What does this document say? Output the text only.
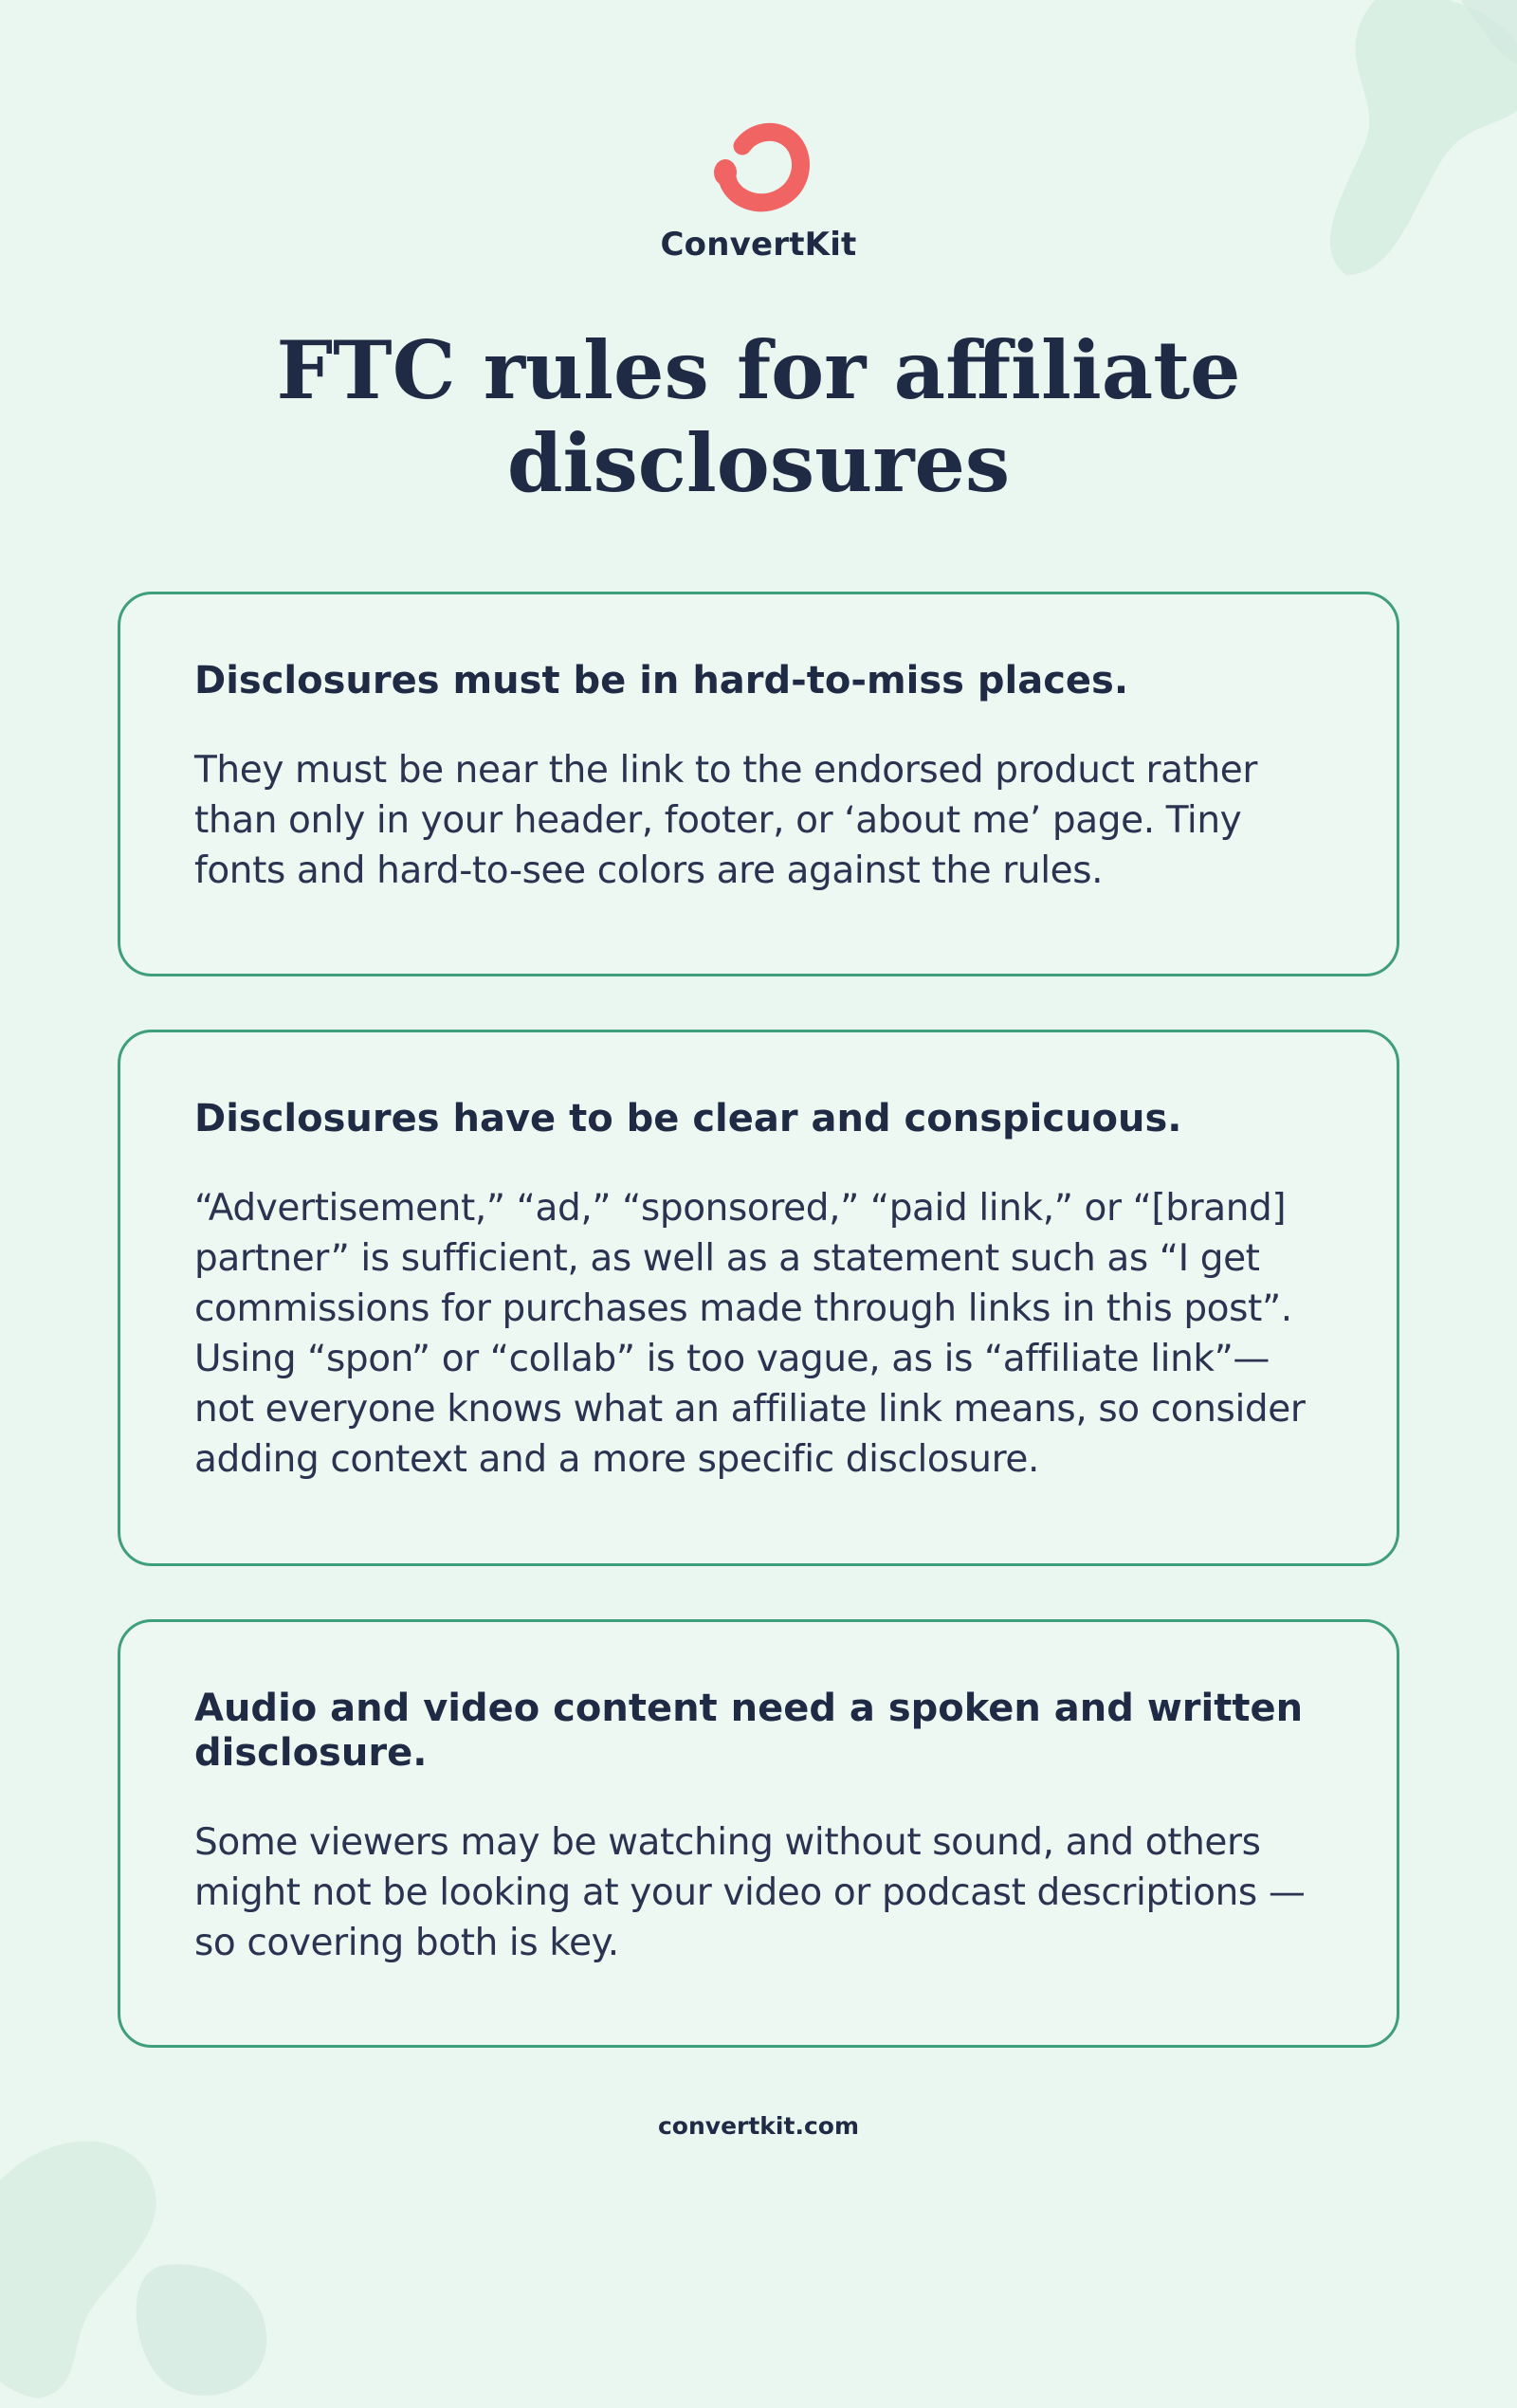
ConvertKit
FTC rules for affiliate disclosures
Disclosures must be in hard-to-miss places.

They must be near the link to the endorsed product rather than only in your header, footer, or ‘about me’ page. Tiny fonts and hard-to-see colors are against the rules.

Disclosures have to be clear and conspicuous.

“Advertisement,” “ad,” “sponsored,” “paid link,” or “[brand] partner” is sufficient, as well as a statement such as “I get commissions for purchases made through links in this post”. Using “spon” or “collab” is too vague, as is “affiliate link”—not everyone knows what an affiliate link means, so consider adding context and a more specific disclosure.

Audio and video content need a spoken and written disclosure.

Some viewers may be watching without sound, and others might not be looking at your video or podcast descriptions —so covering both is key.

convertkit.com
